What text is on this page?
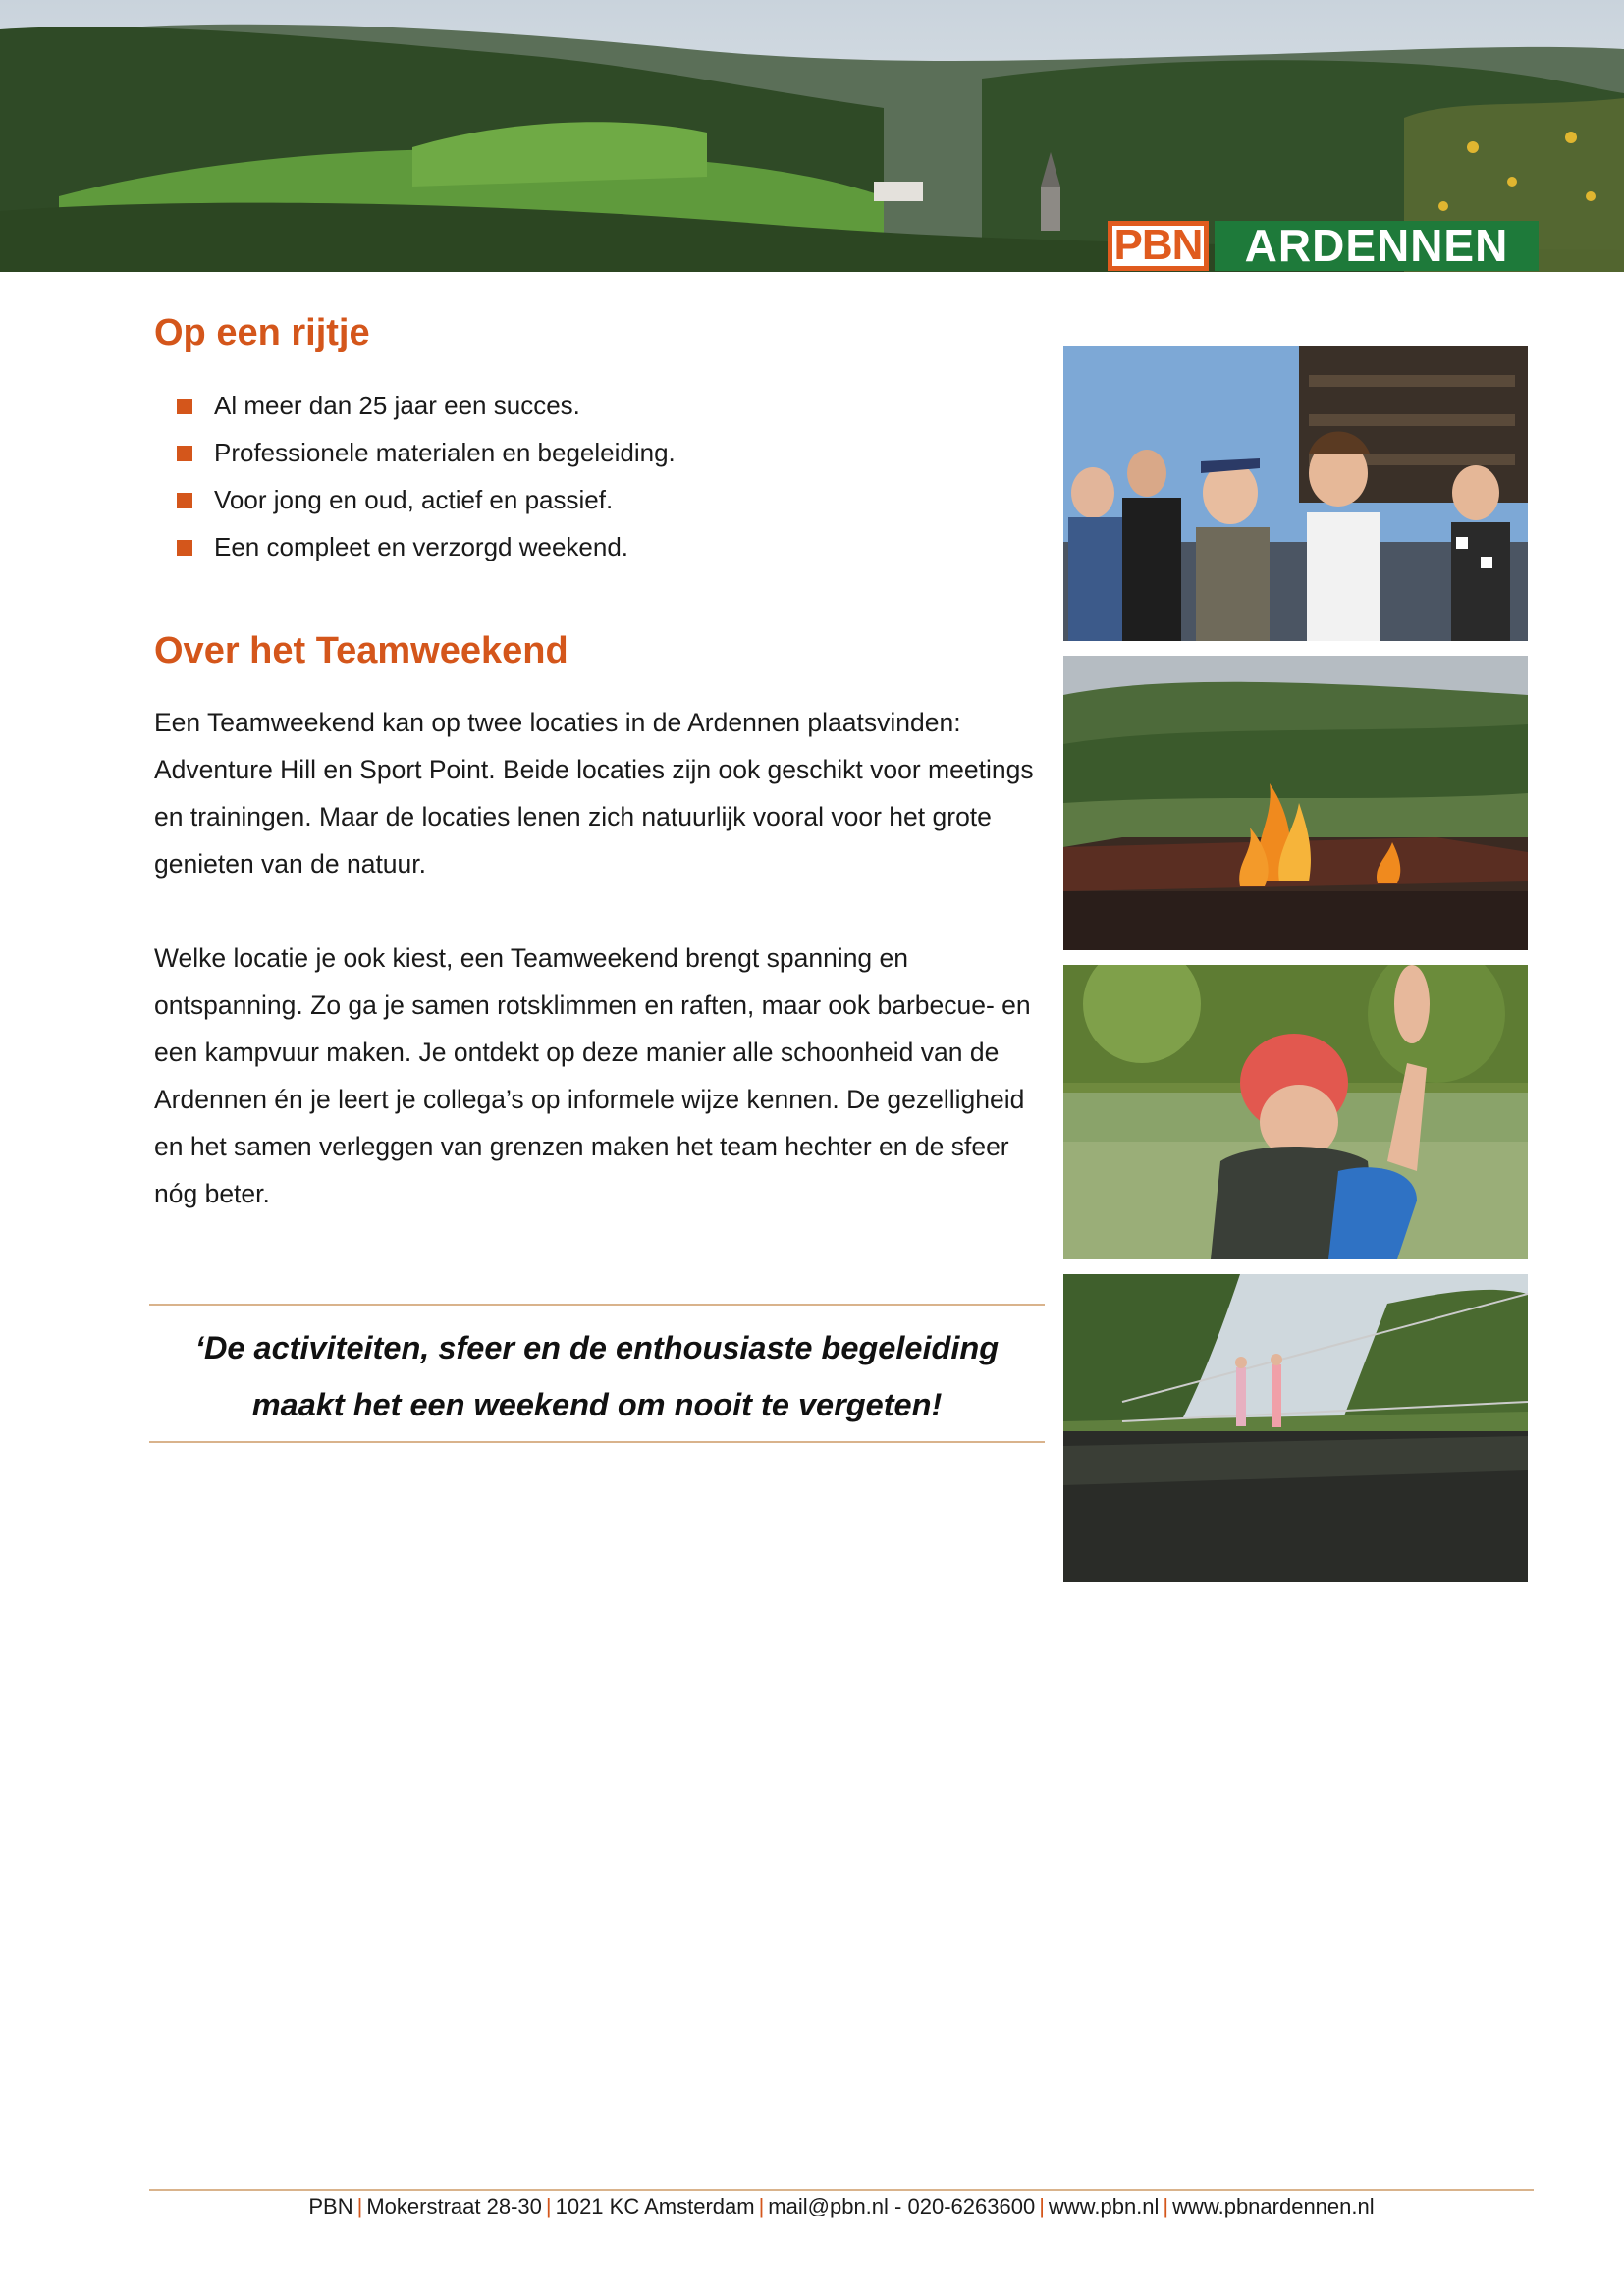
PBN ARDENNEN
Op een rijtje
Al meer dan 25 jaar een succes.
Professionele materialen en begeleiding.
Voor jong en oud, actief en passief.
Een compleet en verzorgd weekend.
Over het Teamweekend

Een Teamweekend kan op twee locaties in de Ardennen plaatsvinden: Adventure Hill en Sport Point. Beide locaties zijn ook geschikt voor meetings en trainingen. Maar de locaties lenen zich natuurlijk vooral voor het grote genieten van de natuur.

Welke locatie je ook kiest, een Teamweekend brengt spanning en ontspanning. Zo ga je samen rotsklimmen en raften, maar ook barbecue- en een kampvuur maken. Je ontdekt op deze manier alle schoonheid van de Ardennen én je leert je collega’s op informele wijze kennen. De gezelligheid en het samen verleggen van grenzen maken het team hechter en de sfeer nóg beter.

‘De activiteiten, sfeer en de enthousiaste begeleiding maakt het een weekend om nooit te vergeten!
PBN | Mokerstraat 28-30 | 1021 KC Amsterdam | mail@pbn.nl - 020-6263600 | www.pbn.nl | www.pbnardennen.nl
